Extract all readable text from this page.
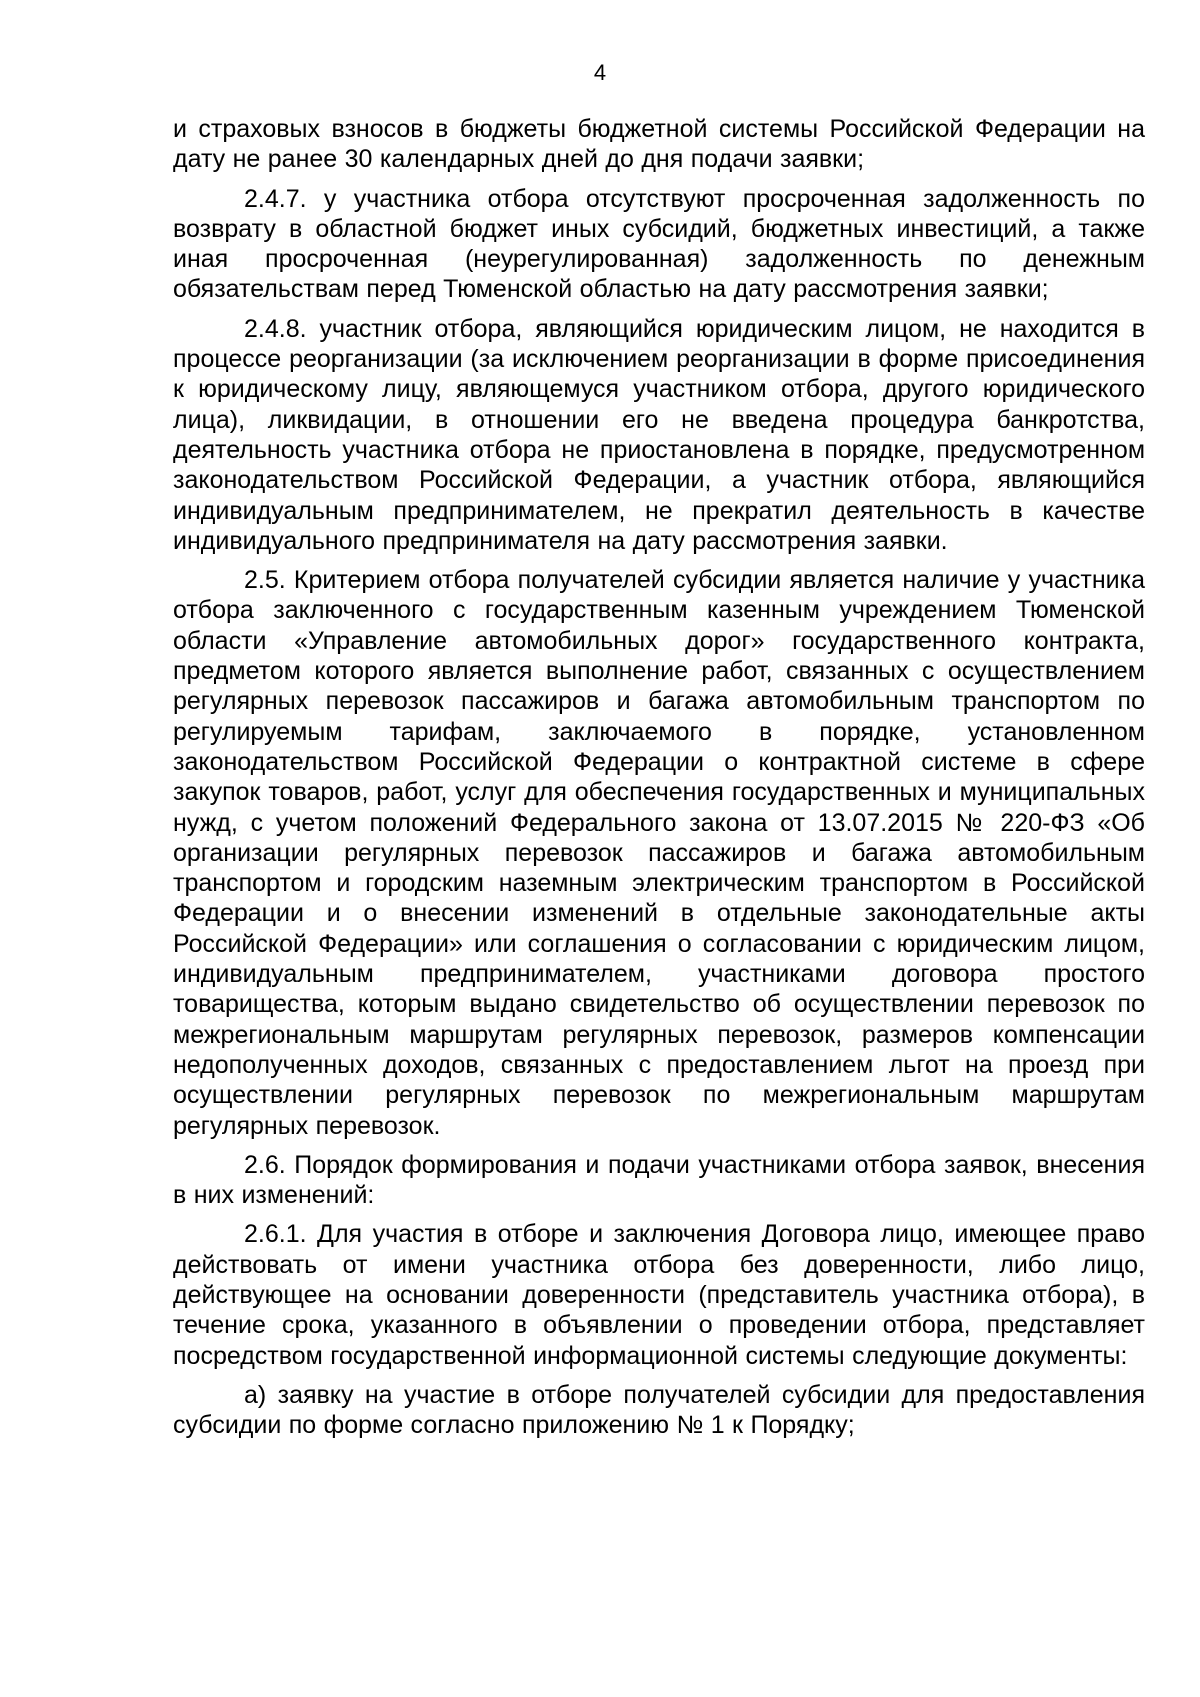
4

и страховых взносов в бюджеты бюджетной системы Российской Федерации на дату не ранее 30 календарных дней до дня подачи заявки;

2.4.7. у участника отбора отсутствуют просроченная задолженность по возврату в областной бюджет иных субсидий, бюджетных инвестиций, а также иная просроченная (неурегулированная) задолженность по денежным обязательствам перед Тюменской областью на дату рассмотрения заявки;

2.4.8. участник отбора, являющийся юридическим лицом, не находится в процессе реорганизации (за исключением реорганизации в форме присоединения к юридическому лицу, являющемуся участником отбора, другого юридического лица), ликвидации, в отношении его не введена процедура банкротства, деятельность участника отбора не приостановлена в порядке, предусмотренном законодательством Российской Федерации, а участник отбора, являющийся индивидуальным предпринимателем, не прекратил деятельность в качестве индивидуального предпринимателя на дату рассмотрения заявки.

2.5. Критерием отбора получателей субсидии является наличие у участника отбора заключенного с государственным казенным учреждением Тюменской области «Управление автомобильных дорог» государственного контракта, предметом которого является выполнение работ, связанных с осуществлением регулярных перевозок пассажиров и багажа автомобильным транспортом по регулируемым тарифам, заключаемого в порядке, установленном законодательством Российской Федерации о контрактной системе в сфере закупок товаров, работ, услуг для обеспечения государственных и муниципальных нужд, с учетом положений Федерального закона от 13.07.2015 № 220-ФЗ «Об организации регулярных перевозок пассажиров и багажа автомобильным транспортом и городским наземным электрическим транспортом в Российской Федерации и о внесении изменений в отдельные законодательные акты Российской Федерации» или соглашения о согласовании с юридическим лицом, индивидуальным предпринимателем, участниками договора простого товарищества, которым выдано свидетельство об осуществлении перевозок по межрегиональным маршрутам регулярных перевозок, размеров компенсации недополученных доходов, связанных с предоставлением льгот на проезд при осуществлении регулярных перевозок по межрегиональным маршрутам регулярных перевозок.

2.6. Порядок формирования и подачи участниками отбора заявок, внесения в них изменений:

2.6.1. Для участия в отборе и заключения Договора лицо, имеющее право действовать от имени участника отбора без доверенности, либо лицо, действующее на основании доверенности (представитель участника отбора), в течение срока, указанного в объявлении о проведении отбора, представляет посредством государственной информационной системы следующие документы:

а) заявку на участие в отборе получателей субсидии для предоставления субсидии по форме согласно приложению № 1 к Порядку;
